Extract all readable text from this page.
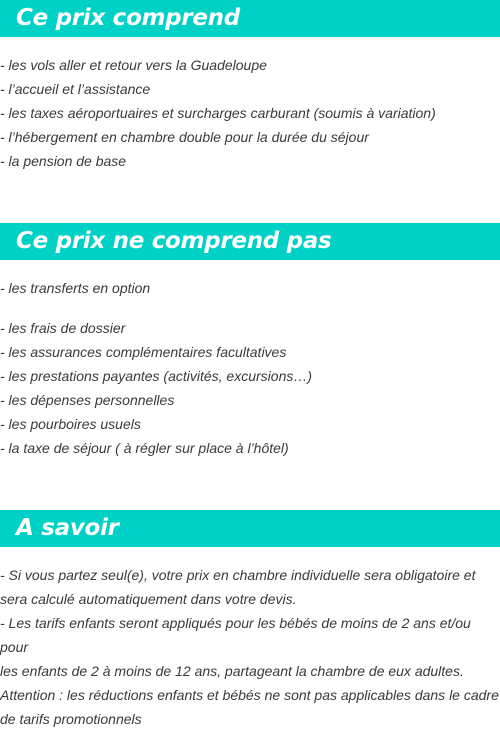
Ce prix comprend
- les vols aller et retour vers la Guadeloupe
- l’accueil et l’assistance
- les taxes aéroportuaires et surcharges carburant (soumis à variation)
- l’hébergement en chambre double pour la durée du séjour
- la pension de base
Ce prix ne comprend pas
- les transferts en option
- les frais de dossier
- les assurances complémentaires facultatives
- les prestations payantes (activités, excursions…)
- les dépenses personnelles
- les pourboires usuels
- la taxe de séjour ( à régler sur place à l’hôtel)
A savoir
- Si vous partez seul(e), votre prix en chambre individuelle sera obligatoire et
sera calculé automatiquement dans votre devis.
- Les tarifs enfants seront appliqués pour les bébés de moins de 2 ans et/ou pour
les enfants de 2 à moins de 12 ans, partageant la chambre de eux adultes.
Attention : les réductions enfants et bébés ne sont pas applicables dans le cadre
de tarifs promotionnels
